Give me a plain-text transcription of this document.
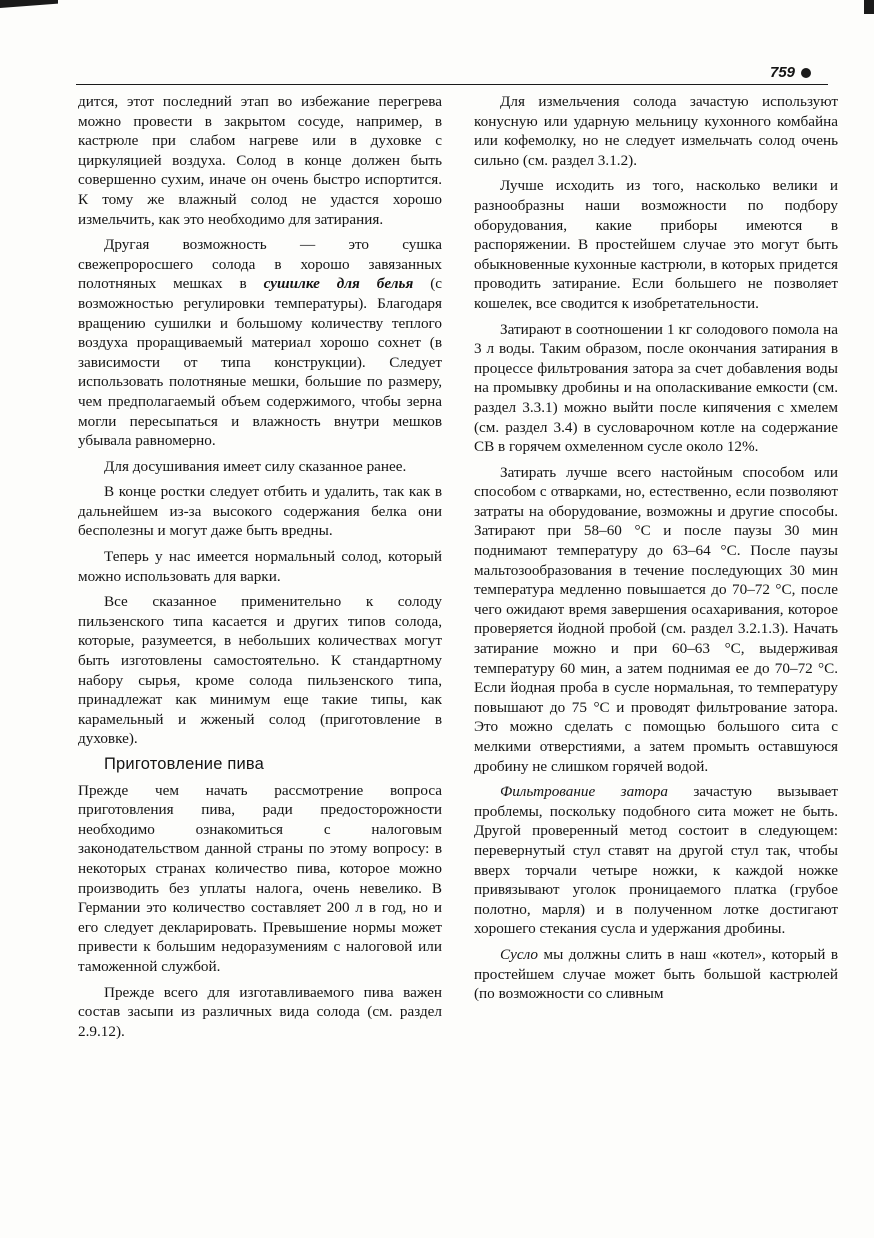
759

дится, этот последний этап во избежание перегрева можно провести в закрытом сосуде, например, в кастрюле при слабом нагреве или в духовке с циркуляцией воздуха. Солод в конце должен быть совершенно сухим, иначе он очень быстро испортится. К тому же влажный солод не удастся хорошо измельчить, как это необходимо для затирания.

Другая возможность — это сушка свежепроросшего солода в хорошо завязанных полотняных мешках в сушилке для белья (с возможностью регулировки температуры). Благодаря вращению сушилки и большому количеству теплого воздуха проращиваемый материал хорошо сохнет (в зависимости от типа конструкции). Следует использовать полотняные мешки, большие по размеру, чем предполагаемый объем содержимого, чтобы зерна могли пересыпаться и влажность внутри мешков убывала равномерно.

Для досушивания имеет силу сказанное ранее.

В конце ростки следует отбить и удалить, так как в дальнейшем из-за высокого содержания белка они бесполезны и могут даже быть вредны.

Теперь у нас имеется нормальный солод, который можно использовать для варки.

Все сказанное применительно к солоду пильзенского типа касается и других типов солода, которые, разумеется, в небольших количествах могут быть изготовлены самостоятельно. К стандартному набору сырья, кроме солода пильзенского типа, принадлежат как минимум еще такие типы, как карамельный и жженый солод (приготовление в духовке).

Приготовление пива

Прежде чем начать рассмотрение вопроса приготовления пива, ради предосторожности необходимо ознакомиться с налоговым законодательством данной страны по этому вопросу: в некоторых странах количество пива, которое можно производить без уплаты налога, очень невелико. В Германии это количество составляет 200 л в год, но и его следует декларировать. Превышение нормы может привести к большим недоразумениям с налоговой или таможенной службой.

Прежде всего для изготавливаемого пива важен состав засыпи из различных вида солода (см. раздел 2.9.12).

Для измельчения солода зачастую используют конусную или ударную мельницу кухонного комбайна или кофемолку, но не следует измельчать солод очень сильно (см. раздел 3.1.2).

Лучше исходить из того, насколько велики и разнообразны наши возможности по подбору оборудования, какие приборы имеются в распоряжении. В простейшем случае это могут быть обыкновенные кухонные кастрюли, в которых придется проводить затирание. Если большего не позволяет кошелек, все сводится к изобретательности.

Затирают в соотношении 1 кг солодового помола на 3 л воды. Таким образом, после окончания затирания в процессе фильтрования затора за счет добавления воды на промывку дробины и на ополаскивание емкости (см. раздел 3.3.1) можно выйти после кипячения с хмелем (см. раздел 3.4) в сусловарочном котле на содержание СВ в горячем охмеленном сусле около 12%.

Затирать лучше всего настойным способом или способом с отварками, но, естественно, если позволяют затраты на оборудование, возможны и другие способы. Затирают при 58–60 °С и после паузы 30 мин поднимают температуру до 63–64 °С. После паузы мальтозообразования в течение последующих 30 мин температура медленно повышается до 70–72 °С, после чего ожидают время завершения осахаривания, которое проверяется йодной пробой (см. раздел 3.2.1.3). Начать затирание можно и при 60–63 °С, выдерживая температуру 60 мин, а затем поднимая ее до 70–72 °С. Если йодная проба в сусле нормальная, то температуру повышают до 75 °С и проводят фильтрование затора. Это можно сделать с помощью большого сита с мелкими отверстиями, а затем промыть оставшуюся дробину не слишком горячей водой.

Фильтрование затора зачастую вызывает проблемы, поскольку подобного сита может не быть. Другой проверенный метод состоит в следующем: перевернутый стул ставят на другой стул так, чтобы вверх торчали четыре ножки, к каждой ножке привязывают уголок проницаемого платка (грубое полотно, марля) и в полученном лотке достигают хорошего стекания сусла и удержания дробины.

Сусло мы должны слить в наш «котел», который в простейшем случае может быть большой кастрюлей (по возможности со сливным
